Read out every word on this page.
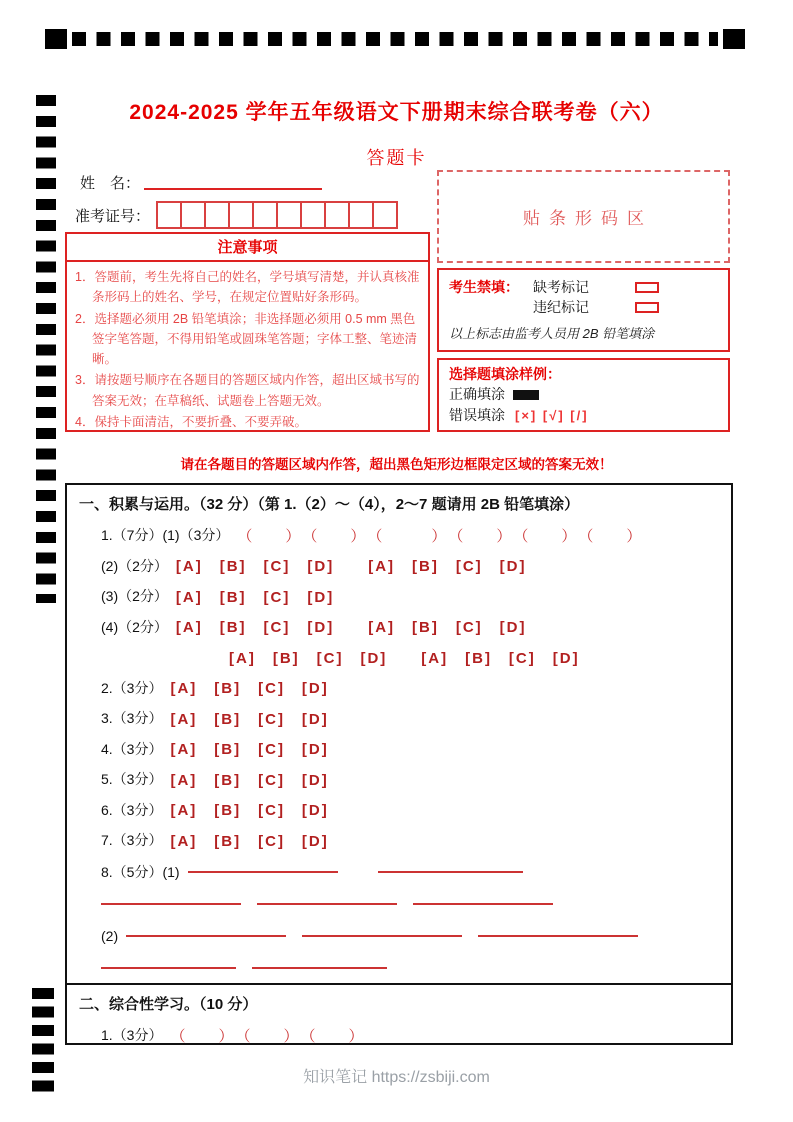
2024-2025 学年五年级语文下册期末综合联考卷（六）
答题卡
姓　名：
准考证号：
注意事项
1．答题前，考生先将自己的姓名，学号填写清楚，并认真核准条形码上的姓名、学号，在规定位置贴好条形码。
2．选择题必须用 2B 铅笔填涂；非选择题必须用 0.5 mm 黑色签字笔答题，不得用铅笔或圆珠笔答题；字体工整、笔迹清晰。
3．请按题号顺序在各题目的答题区域内作答，超出区域书写的答案无效；在草稿纸、试题卷上答题无效。
4．保持卡面清洁，不要折叠、不要弄破。
贴条形码区
考生禁填： 缺考标记
违纪标记
以上标志由监考人员用 2B 铅笔填涂
选择题填涂样例：
正确填涂
错误填涂 [×] [√] [/]
请在各题目的答题区域内作答，超出黑色矩形边框限定区域的答案无效！
一、积累与运用。（32 分）（第 1.（2）～（4），2～7 题请用 2B 铅笔填涂）
1.（7分）(1)（3分） （　　）　（　　）　（　　　）　（　　）　（　　）　（　　）
(2)（2分） [A]　[B]　[C]　[D]　　[A]　[B]　[C]　[D]
(3)（2分） [A]　[B]　[C]　[D]
(4)（2分） [A]　[B]　[C]　[D]　　[A]　[B]　[C]　[D]
[A]　[B]　[C]　[D]　　[A]　[B]　[C]　[D]
2.（3分） [A]　[B]　[C]　[D]
3.（3分） [A]　[B]　[C]　[D]
4.（3分） [A]　[B]　[C]　[D]
5.（3分） [A]　[B]　[C]　[D]
6.（3分） [A]　[B]　[C]　[D]
7.（3分） [A]　[B]　[C]　[D]
8.（5分）(1)
(2)
二、综合性学习。（10 分）
1.（3分） （　　）　（　　）　（　　）
知识笔记 https://zsbiji.com
